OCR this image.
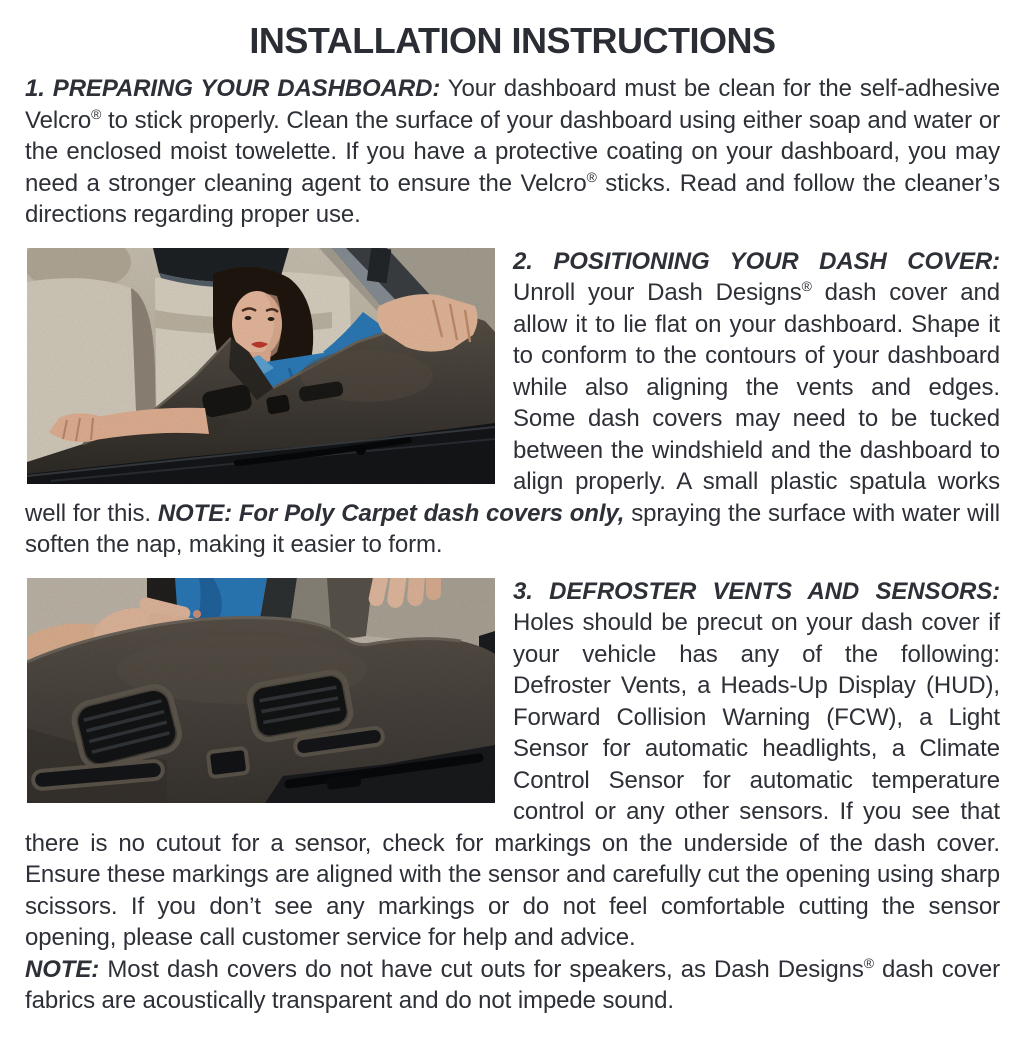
INSTALLATION INSTRUCTIONS

1. PREPARING YOUR DASHBOARD: Your dashboard must be clean for the self-adhesive Velcro® to stick properly. Clean the surface of your dashboard using either soap and water or the enclosed moist towelette. If you have a protective coating on your dashboard, you may need a stronger cleaning agent to ensure the Velcro® sticks. Read and follow the cleaner’s directions regarding proper use.

2. POSITIONING YOUR DASH COVER: Unroll your Dash Designs® dash cover and allow it to lie flat on your dashboard. Shape it to conform to the contours of your dashboard while also aligning the vents and edges. Some dash covers may need to be tucked between the windshield and the dashboard to align properly. A small plastic spatula works well for this. NOTE: For Poly Carpet dash covers only, spraying the surface with water will soften the nap, making it easier to form.

3. DEFROSTER VENTS AND SENSORS: Holes should be precut on your dash cover if your vehicle has any of the following: Defroster Vents, a Heads-Up Display (HUD), Forward Collision Warning (FCW), a Light Sensor for automatic headlights, a Climate Control Sensor for automatic temperature control or any other sensors. If you see that there is no cutout for a sensor, check for markings on the underside of the dash cover. Ensure these markings are aligned with the sensor and carefully cut the opening using sharp scissors. If you don’t see any markings or do not feel comfortable cutting the sensor opening, please call customer service for help and advice.

NOTE: Most dash covers do not have cut outs for speakers, as Dash Designs® dash cover fabrics are acoustically transparent and do not impede sound.
